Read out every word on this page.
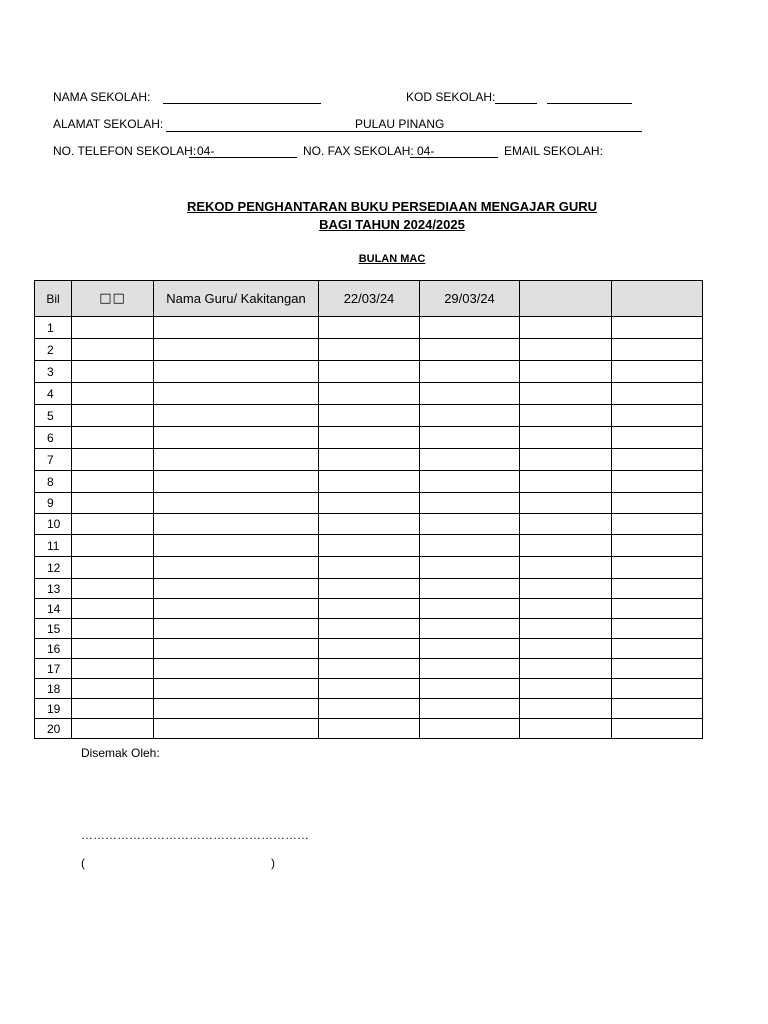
NAMA SEKOLAH:	KOD SEKOLAH:
ALAMAT SEKOLAH:	PULAU PINANG
NO. TELEFON SEKOLAH: 04-	NO. FAX SEKOLAH: 04-	EMAIL SEKOLAH:
REKOD PENGHANTARAN BUKU PERSEDIAAN MENGAJAR GURU
BAGI TAHUN 2024/2025
BULAN MAC
Bil	□□	Nama Guru/ Kakitangan	22/03/24	29/03/24		
1						
2						
3						
4						
5						
6						
7						
8						
9						
10						
11						
12						
13						
14						
15						
16						
17						
18						
19						
20						
Disemak Oleh:
…………………………………………………
(	)
